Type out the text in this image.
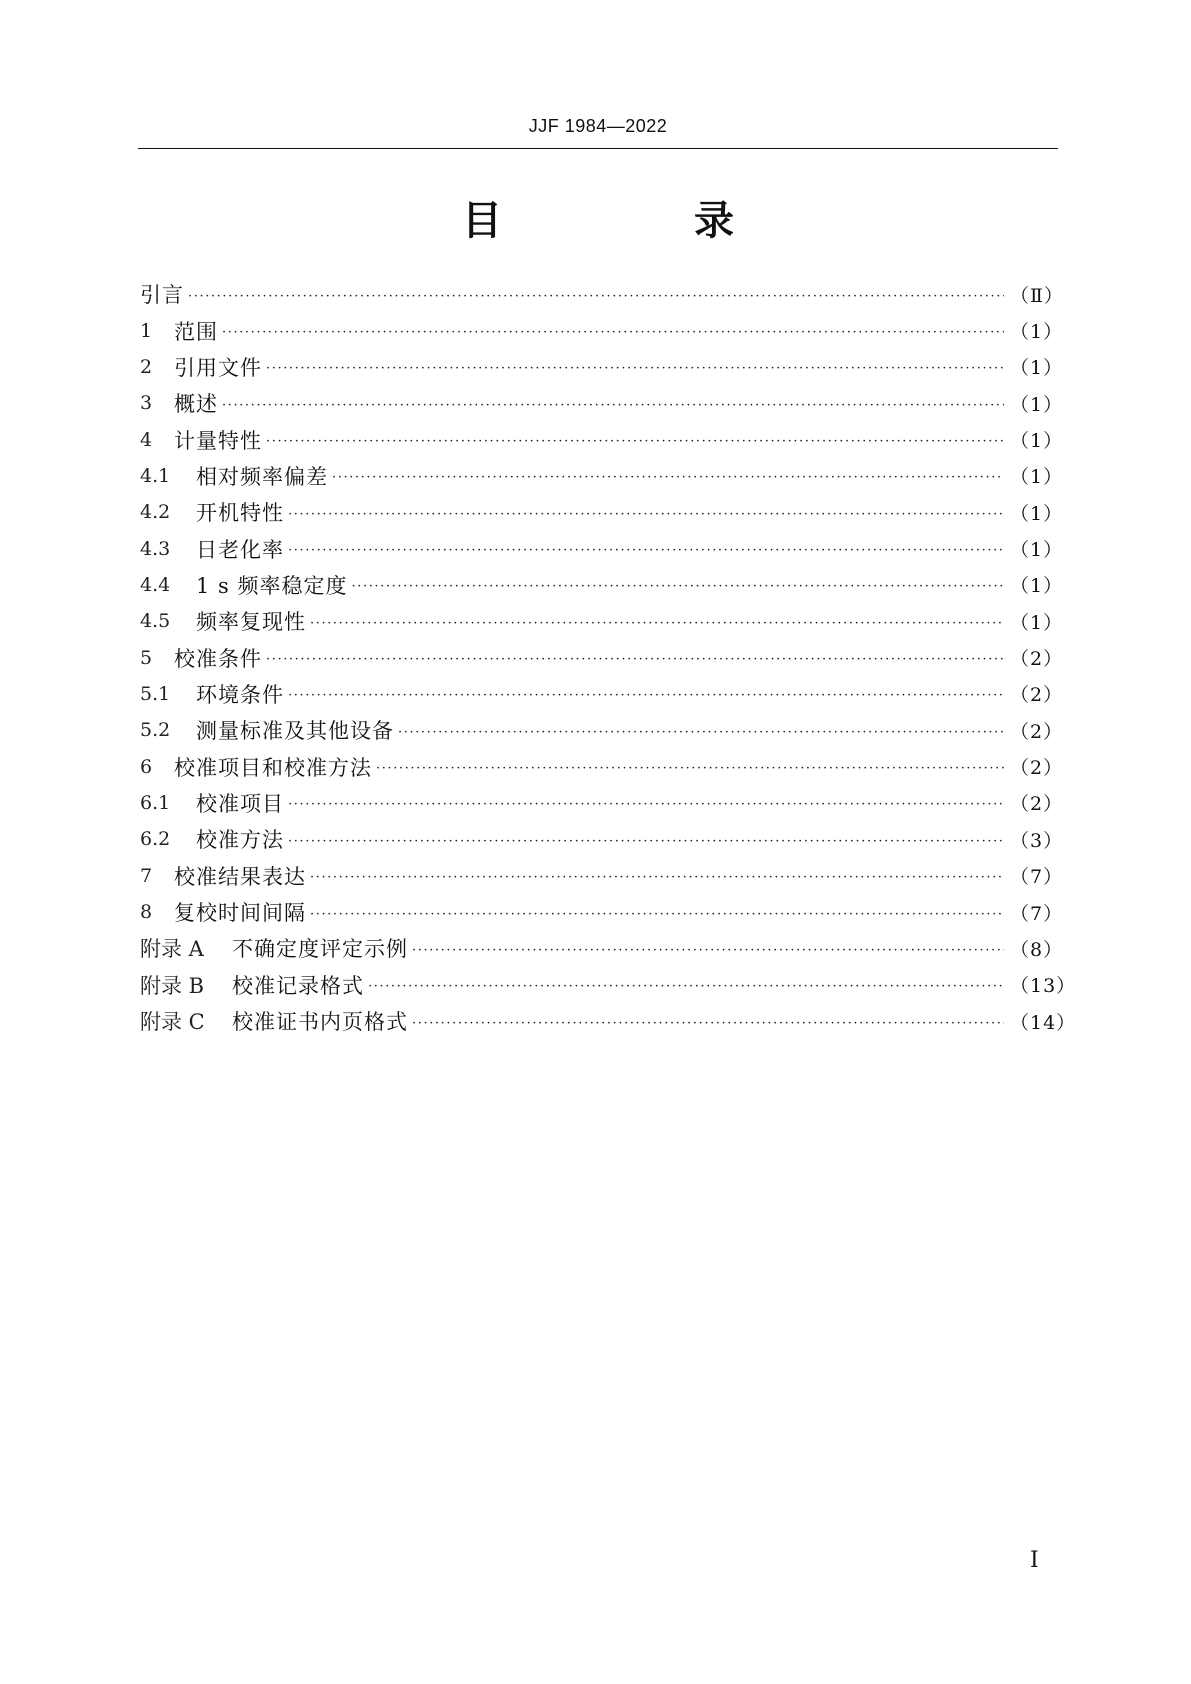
JJF 1984—2022
目　录
引言 ·····	（Ⅱ）
1	范围 ·····	（1）
2	引用文件 ·····	（1）
3	概述 ·····	（1）
4	计量特性 ·····	（1）
4.1	相对频率偏差 ·····	（1）
4.2	开机特性 ·····	（1）
4.3	日老化率 ·····	（1）
4.4	1 s 频率稳定度 ·····	（1）
4.5	频率复现性 ·····	（1）
5	校准条件 ·····	（2）
5.1	环境条件 ·····	（2）
5.2	测量标准及其他设备 ·····	（2）
6	校准项目和校准方法 ·····	（2）
6.1	校准项目 ·····	（2）
6.2	校准方法 ·····	（3）
7	校准结果表达 ·····	（7）
8	复校时间间隔 ·····	（7）
附录 A	不确定度评定示例 ·····	（8）
附录 B	校准记录格式 ·····	（13）
附录 C	校准证书内页格式 ·····	（14）
Ⅰ
